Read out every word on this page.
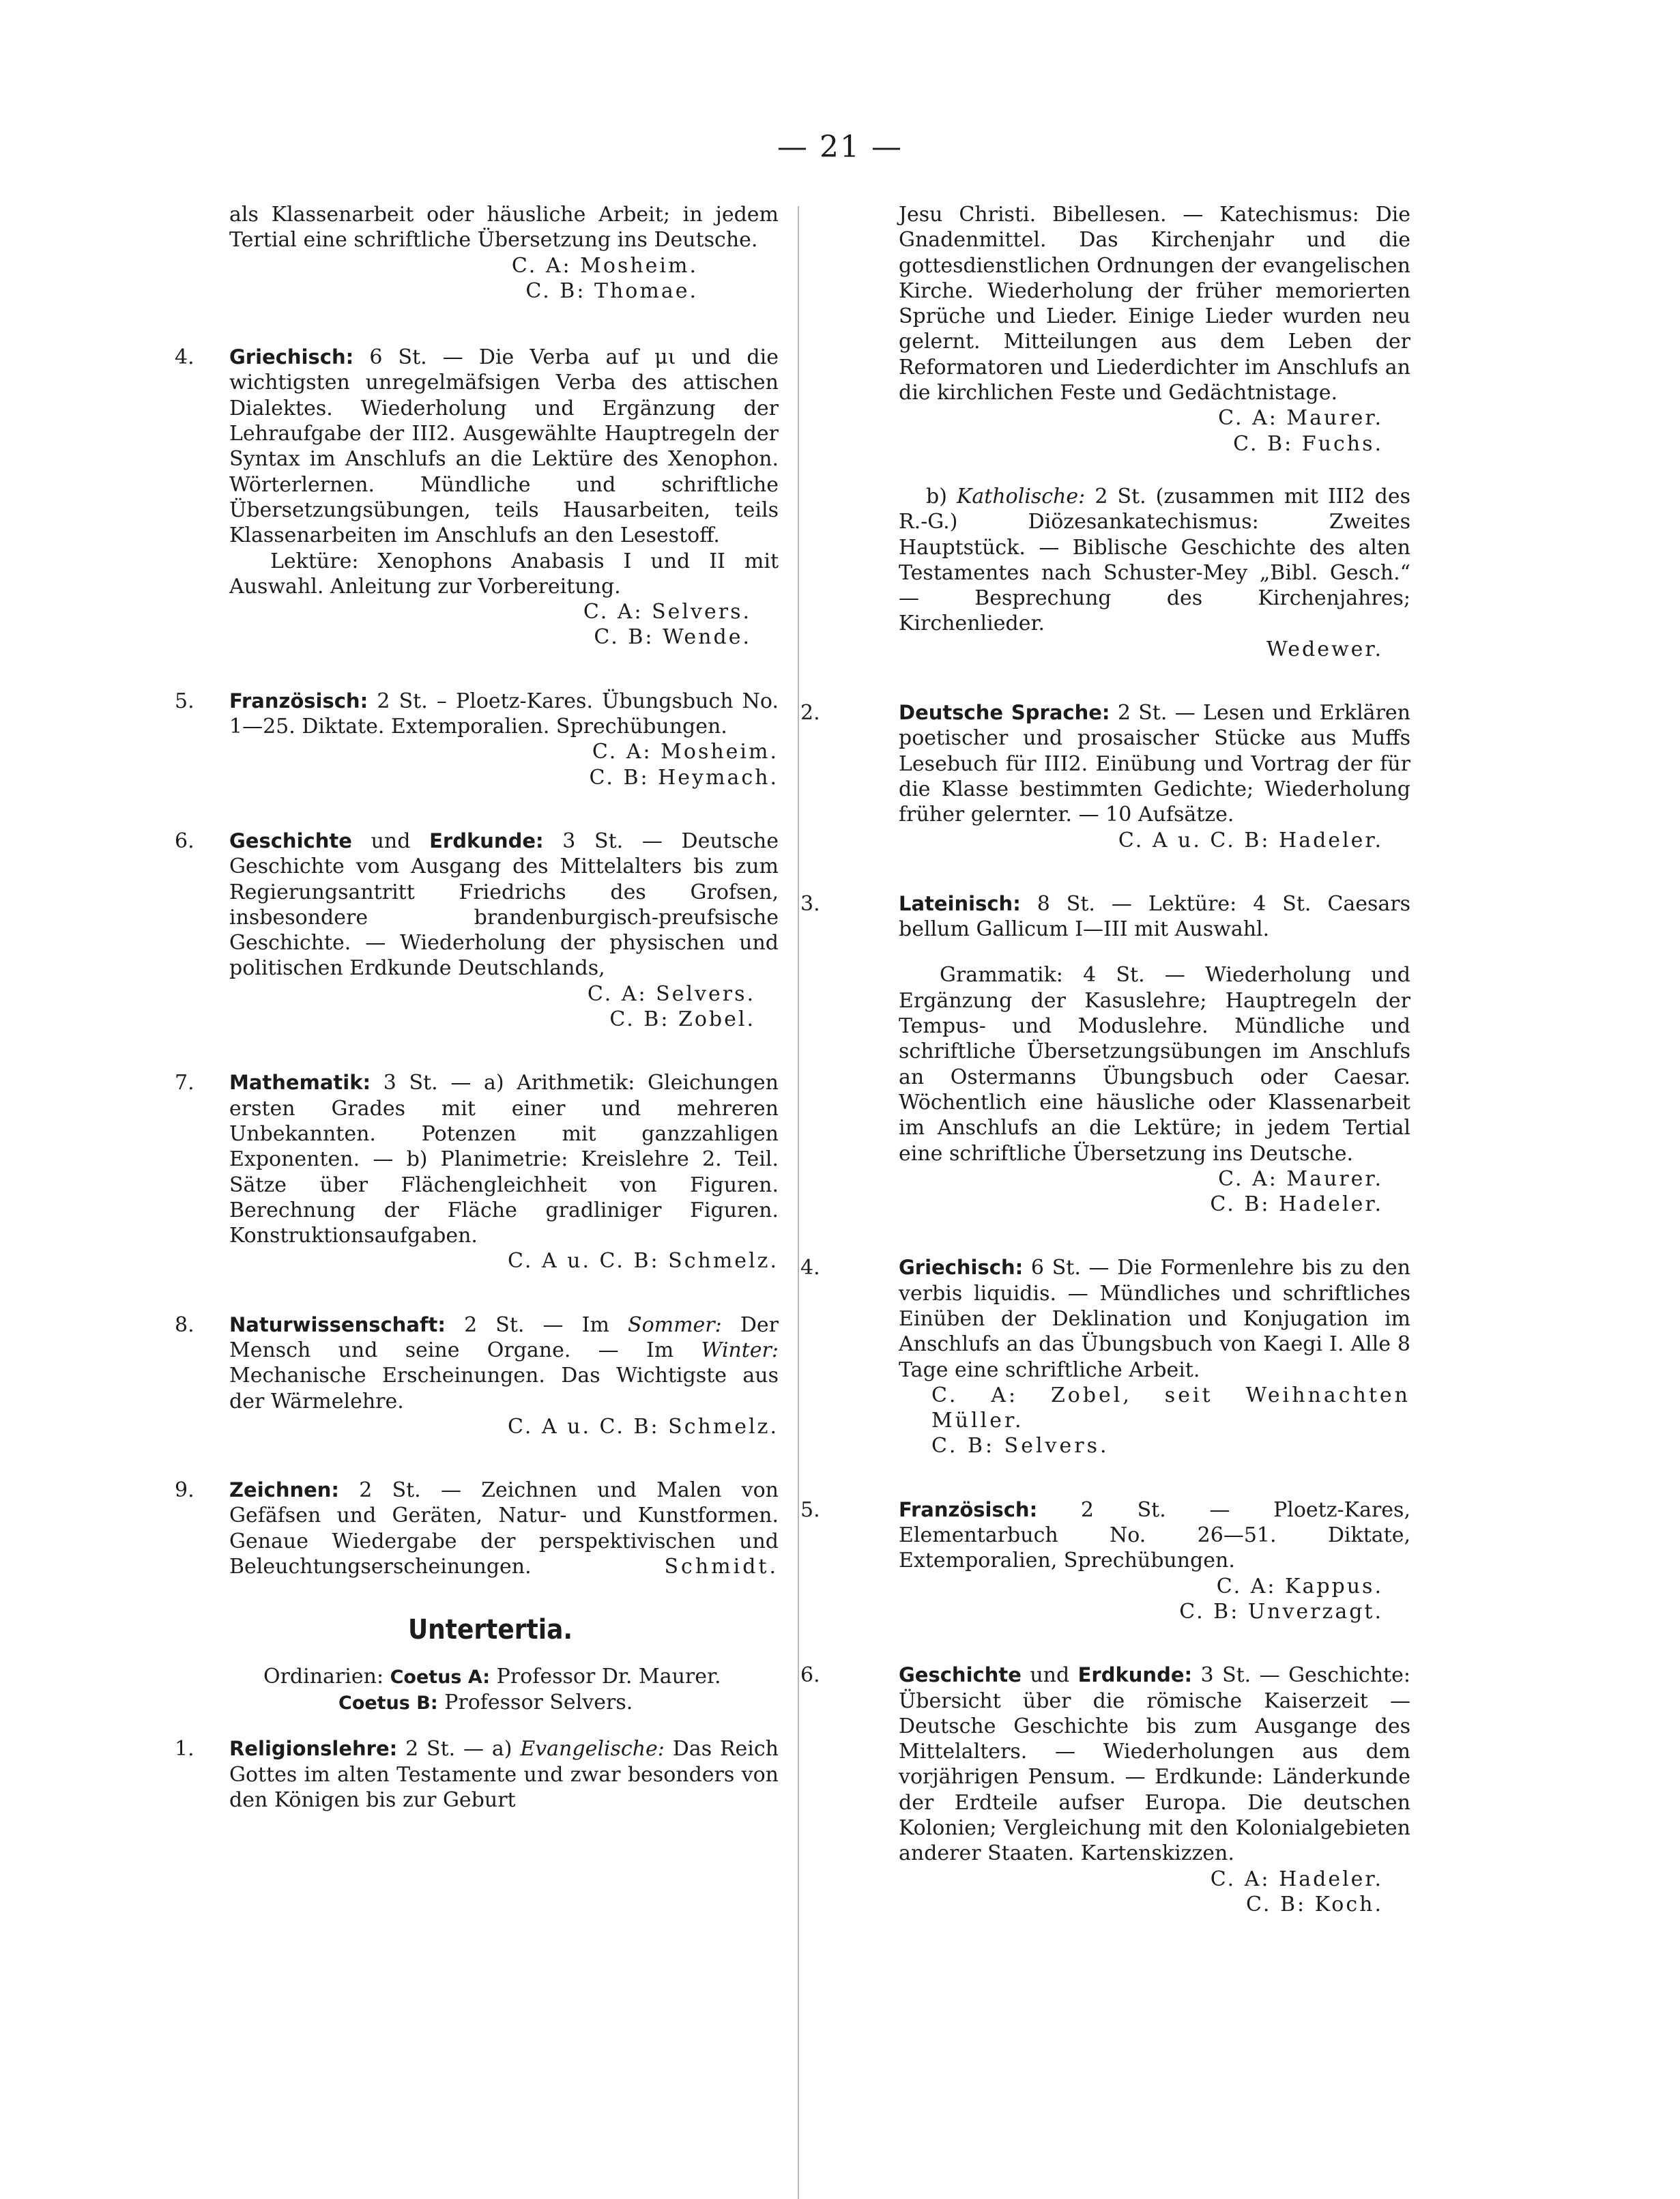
— 21 —
als Klassenarbeit oder häusliche Arbeit; in jedem Tertial eine schriftliche Übersetzung ins Deutsche.
C. A: Mosheim.
C. B: Thomae.
4. Griechisch: 6 St. — Die Verba auf μι und die wichtigsten unregelmäfsigen Verba des attischen Dialektes. Wiederholung und Ergänzung der Lehraufgabe der III2. Ausgewählte Hauptregeln der Syntax im Anschlufs an die Lektüre des Xenophon. Wörterlernen. Mündliche und schriftliche Übersetzungsübungen, teils Hausarbeiten, teils Klassenarbeiten im Anschlufs an den Lesestoff.
Lektüre: Xenophons Anabasis I und II mit Auswahl. Anleitung zur Vorbereitung.
C. A: Selvers.
C. B: Wende.
5. Französisch: 2 St. – Ploetz-Kares. Übungsbuch No. 1—25. Diktate. Extemporalien. Sprechübungen.
C. A: Mosheim.
C. B: Heymach.
6. Geschichte und Erdkunde: 3 St. — Deutsche Geschichte vom Ausgang des Mittelalters bis zum Regierungsantritt Friedrichs des Grofsen, insbesondere brandenburgisch-preufsische Geschichte. — Wiederholung der physischen und politischen Erdkunde Deutschlands,
C. A: Selvers.
C. B: Zobel.
7. Mathematik: 3 St. — a) Arithmetik: Gleichungen ersten Grades mit einer und mehreren Unbekannten. Potenzen mit ganzzahligen Exponenten. — b) Planimetrie: Kreislehre 2. Teil. Sätze über Flächengleichheit von Figuren. Berechnung der Fläche gradliniger Figuren. Konstruktionsaufgaben.
C. A u. C. B: Schmelz.
8. Naturwissenschaft: 2 St. — Im Sommer: Der Mensch und seine Organe. — Im Winter: Mechanische Erscheinungen. Das Wichtigste aus der Wärmelehre.
C. A u. C. B: Schmelz.
9. Zeichnen: 2 St. — Zeichnen und Malen von Gefäfsen und Geräten, Natur- und Kunstformen. Genaue Wiedergabe der perspektivischen und Beleuchtungserscheinungen.	Schmidt.
Untertertia.
Ordinarien: Coetus A: Professor Dr. Maurer.
Coetus B: Professor Selvers.
1. Religionslehre: 2 St. — a) Evangelische: Das Reich Gottes im alten Testamente und zwar besonders von den Königen bis zur Geburt
Jesu Christi. Bibellesen. — Katechismus: Die Gnadenmittel. Das Kirchenjahr und die gottesdienstlichen Ordnungen der evangelischen Kirche. Wiederholung der früher memorierten Sprüche und Lieder. Einige Lieder wurden neu gelernt. Mitteilungen aus dem Leben der Reformatoren und Liederdichter im Anschlufs an die kirchlichen Feste und Gedächtnistage.
C. A: Maurer.
C. B: Fuchs.
b) Katholische: 2 St. (zusammen mit III2 des R.-G.) Diözesankatechismus: Zweites Hauptstück. — Biblische Geschichte des alten Testamentes nach Schuster-Mey „Bibl. Gesch.“ — Besprechung des Kirchenjahres; Kirchenlieder.
Wedewer.
2.	Deutsche Sprache: 2 St. — Lesen und Erklären poetischer und prosaischer Stücke aus Muffs Lesebuch für III2. Einübung und Vortrag der für die Klasse bestimmten Gedichte; Wiederholung früher gelernter. — 10 Aufsätze.
C. A u. C. B: Hadeler.
3.	Lateinisch: 8 St. — Lektüre: 4 St. Caesars bellum Gallicum I—III mit Auswahl.
Grammatik: 4 St. — Wiederholung und Ergänzung der Kasuslehre; Hauptregeln der Tempus- und Moduslehre. Mündliche und schriftliche Übersetzungsübungen im Anschlufs an Ostermanns Übungsbuch oder Caesar. Wöchentlich eine häusliche oder Klassenarbeit im Anschlufs an die Lektüre; in jedem Tertial eine schriftliche Übersetzung ins Deutsche.
C. A: Maurer.
C. B: Hadeler.
4.	Griechisch: 6 St. — Die Formenlehre bis zu den verbis liquidis. — Mündliches und schriftliches Einüben der Deklination und Konjugation im Anschlufs an das Übungsbuch von Kaegi I. Alle 8 Tage eine schriftliche Arbeit.
C. A: Zobel, seit Weihnachten Müller.
C. B: Selvers.
5.	Französisch: 2 St. — Ploetz-Kares, Elementarbuch No. 26—51. Diktate, Extemporalien, Sprechübungen.
C. A: Kappus.
C. B: Unverzagt.
6.	Geschichte und Erdkunde: 3 St. — Geschichte: Übersicht über die römische Kaiserzeit — Deutsche Geschichte bis zum Ausgange des Mittelalters. — Wiederholungen aus dem vorjährigen Pensum. — Erdkunde: Länderkunde der Erdteile aufser Europa. Die deutschen Kolonien; Vergleichung mit den Kolonialgebieten anderer Staaten. Kartenskizzen.
C. A: Hadeler.
C. B: Koch.
